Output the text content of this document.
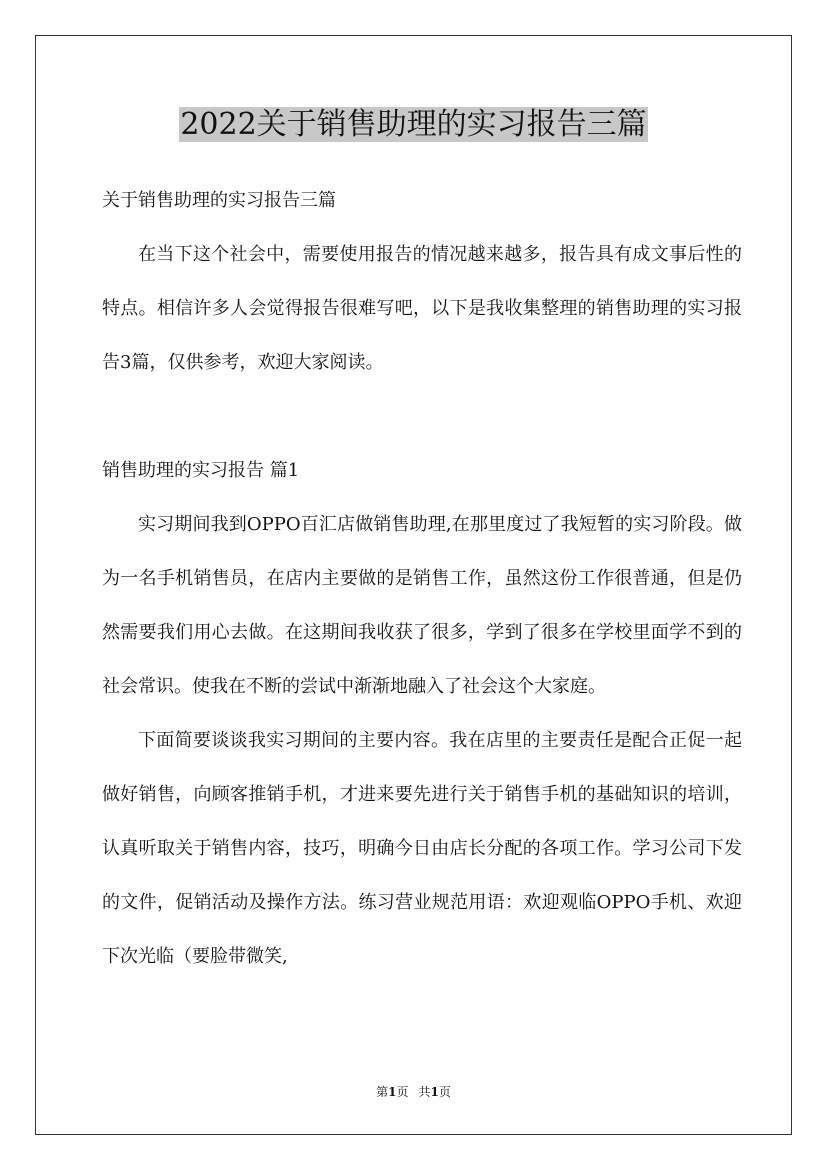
2022关于销售助理的实习报告三篇

关于销售助理的实习报告三篇

在当下这个社会中，需要使用报告的情况越来越多，报告具有成文事后性的特点。相信许多人会觉得报告很难写吧，以下是我收集整理的销售助理的实习报告3篇，仅供参考，欢迎大家阅读。

销售助理的实习报告 篇1

实习期间我到OPPO百汇店做销售助理,在那里度过了我短暂的实习阶段。做为一名手机销售员，在店内主要做的是销售工作，虽然这份工作很普通，但是仍然需要我们用心去做。在这期间我收获了很多，学到了很多在学校里面学不到的社会常识。使我在不断的尝试中渐渐地融入了社会这个大家庭。

下面简要谈谈我实习期间的主要内容。我在店里的主要责任是配合正促一起做好销售，向顾客推销手机，才进来要先进行关于销售手机的基础知识的培训，认真听取关于销售内容，技巧，明确今日由店长分配的各项工作。学习公司下发的文件，促销活动及操作方法。练习营业规范用语：欢迎观临OPPO手机、欢迎下次光临（要脸带微笑,

第1页 共1页
